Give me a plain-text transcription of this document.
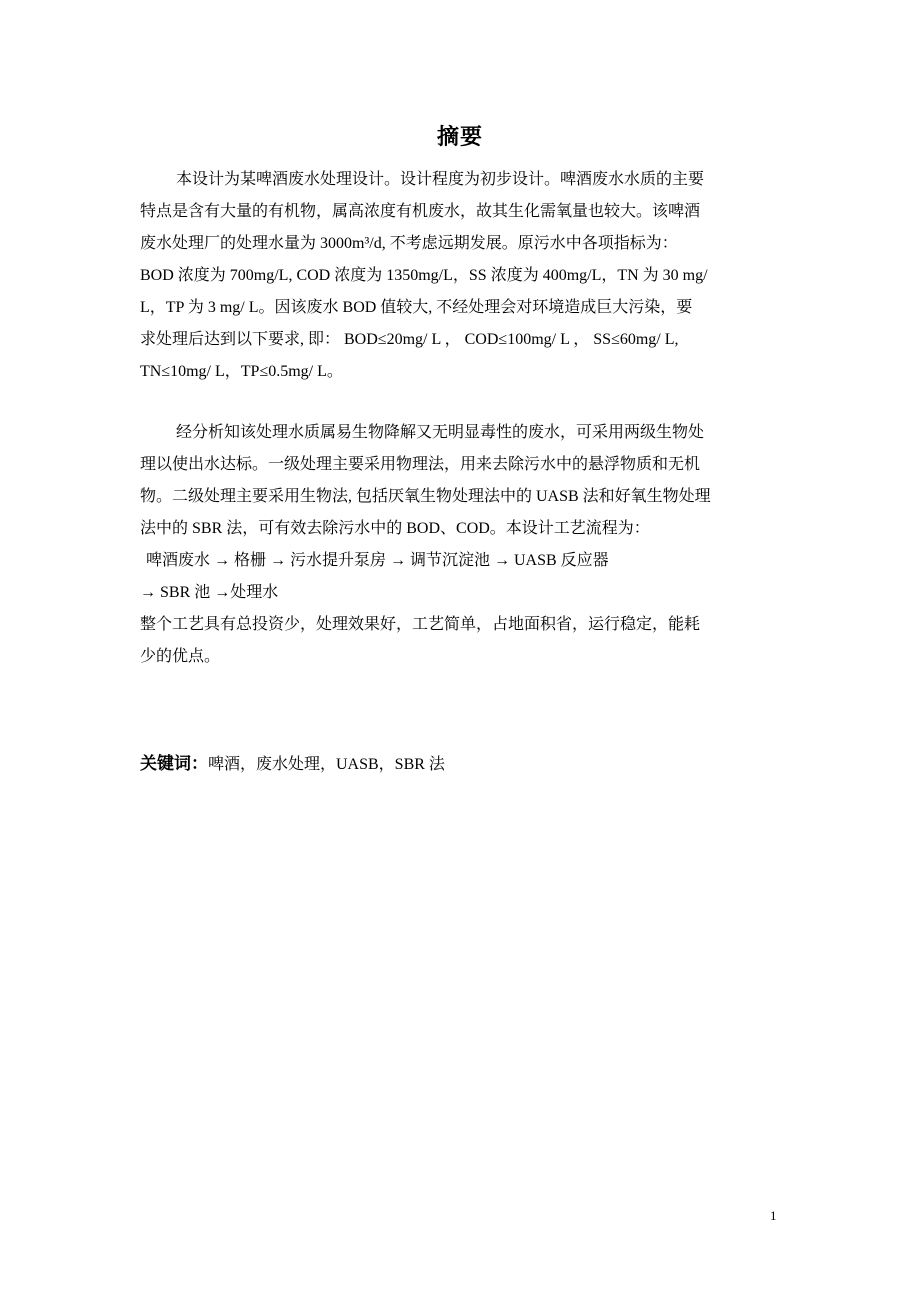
摘要
本设计为某啤酒废水处理设计。设计程度为初步设计。啤酒废水水质的主要
特点是含有大量的有机物，属高浓度有机废水，故其生化需氧量也较大。该啤酒
废水处理厂的处理水量为 3000m³/d, 不考虑远期发展。原污水中各项指标为：
BOD 浓度为 700mg/L, COD 浓度为 1350mg/L，SS 浓度为 400mg/L，TN 为 30 mg/
L，TP 为 3 mg/ L。因该废水 BOD 值较大, 不经处理会对环境造成巨大污染，要
求处理后达到以下要求, 即： BOD≤20mg/ L ， COD≤100mg/ L ， SS≤60mg/ L,
TN≤10mg/ L，TP≤0.5mg/ L。
经分析知该处理水质属易生物降解又无明显毒性的废水，可采用两级生物处
理以使出水达标。一级处理主要采用物理法，用来去除污水中的悬浮物质和无机
物。二级处理主要采用生物法, 包括厌氧生物处理法中的 UASB 法和好氧生物处理
法中的 SBR 法，可有效去除污水中的 BOD、COD。本设计工艺流程为：
啤酒废水 → 格栅 → 污水提升泵房 → 调节沉淀池 → UASB 反应器
→ SBR 池 →处理水
整个工艺具有总投资少，处理效果好，工艺简单，占地面积省，运行稳定，能耗
少的优点。
关键词：啤酒，废水处理，UASB，SBR 法
1
